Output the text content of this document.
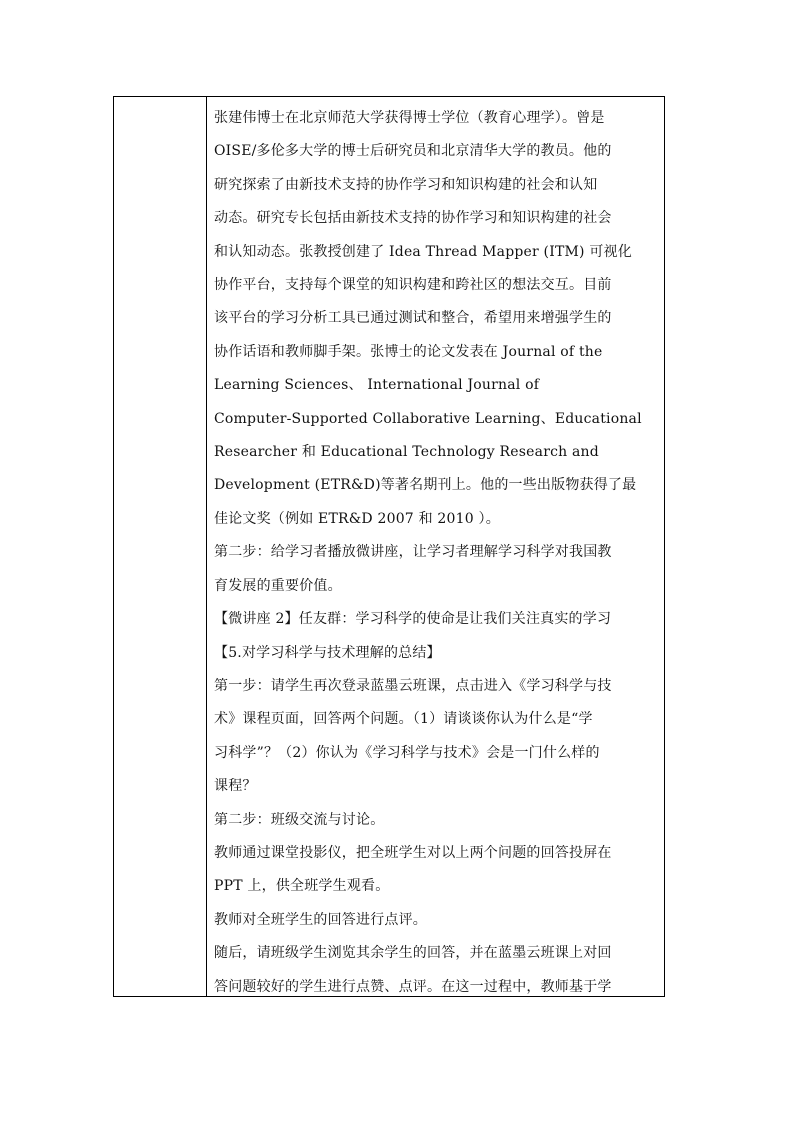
张建伟博士在北京师范大学获得博士学位（教育心理学）。曾是
OISE/多伦多大学的博士后研究员和北京清华大学的教员。他的
研究探索了由新技术支持的协作学习和知识构建的社会和认知
动态。研究专长包括由新技术支持的协作学习和知识构建的社会
和认知动态。张教授创建了 Idea Thread Mapper (ITM) 可视化
协作平台，支持每个课堂的知识构建和跨社区的想法交互。目前
该平台的学习分析工具已通过测试和整合，希望用来增强学生的
协作话语和教师脚手架。张博士的论文发表在 Journal of the
Learning Sciences、 International Journal of
Computer-Supported Collaborative Learning、Educational
Researcher 和 Educational Technology Research and
Development (ETR&D)等著名期刊上。他的一些出版物获得了最
佳论文奖（例如 ETR&D 2007 和 2010 ）。

第二步：给学习者播放微讲座，让学习者理解学习科学对我国教
育发展的重要价值。

【微讲座 2】任友群：学习科学的使命是让我们关注真实的学习

【5.对学习科学与技术理解的总结】

第一步：请学生再次登录蓝墨云班课，点击进入《学习科学与技
术》课程页面，回答两个问题。（1）请谈谈你认为什么是“学
习科学”？（2）你认为《学习科学与技术》会是一门什么样的
课程？

第二步：班级交流与讨论。

教师通过课堂投影仪，把全班学生对以上两个问题的回答投屏在
PPT 上，供全班学生观看。

教师对全班学生的回答进行点评。

随后，请班级学生浏览其余学生的回答，并在蓝墨云班课上对回
答问题较好的学生进行点赞、点评。在这一过程中，教师基于学
